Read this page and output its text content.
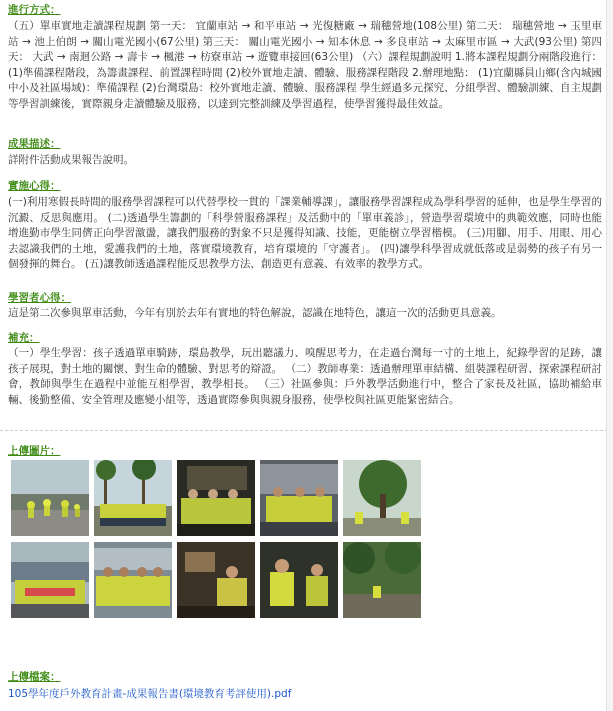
進行方式：
（五）單車實地走讀課程規劃 第一天： 宜蘭車站 → 和平車站 → 光復糖廠 → 瑞穗營地(108公里) 第二天： 瑞穗營地 → 玉里車站 → 池上伯朗 → 關山電光國小(67公里) 第三天： 關山電光國小 → 知本休息 → 多良車站 → 太麻里市區 → 大武(93公里) 第四天： 大武 → 南迴公路 → 壽卡 → 楓港 → 枋寮車站 → 遊覽車接回(63公里) （六）課程規劃說明 1.將本課程規劃分兩階段進行： (1)準備課程階段，為籌畫課程、前置課程時間 (2)校外實地走讀、體驗、服務課程階段 2.辦理地點： (1)宜蘭縣員山鄉(含內城國中小及社區場域)：準備課程 (2)台灣環島：校外實地走讀、體驗、服務課程 學生經過多元探究、分組學習、體驗訓練、自主規劃等學習訓練後，實際親身走讀體驗及服務，以達到完整訓練及學習過程，使學習獲得最佳效益。
成果描述：
詳附件活動成果報告說明。
實施心得：
(一)利用寒假長時間的服務學習課程可以代替學校一貫的「課業輔導課」，讓服務學習課程成為學科學習的延伸，也是學生學習的沉澱、反思與應用。 (二)透過學生籌劃的「科學營服務課程」及活動中的「單車義診」，營造學習環境中的典範效應，同時也能增進勤市學生同儕正向學習激盪，讓我們服務的對象不只是獲得知識、技能，更能樹立學習楷模。 (三)用腳、用手、用眼、用心去認識我們的土地，愛護我們的土地，落實環境教育，培育環境的「守護者」。 (四)讓學科學習成就低落或是弱勢的孩子有另一個發揮的舞台。 (五)讓教師透過課程能反思教學方法，創造更有意義、有效率的教學方式。
學習者心得：
這是第二次參與單車活動，今年有別於去年有實地的特色解說，認識在地特色，讓這一次的活動更具意義。
補充：
（一）學生學習：孩子透過單車騎跡，環島教學，玩出聽議力、嗅醒思考力，在走過台灣每一寸的土地上，紀錄學習的足跡，讓孩子展現，對土地的關懷、對生命的體驗、對思考的辯證。 （二）教師專業：透過辦理單車結構、組裝課程研習、探索課程研討會，教師與學生在過程中並能互相學習，教學相長。 （三）社區參與：戶外教學活動進行中，整合了家長及社區，協助補給車輛、後勤整備、安全管理及應變小組等，透過實際參與與親身服務，使學校與社區更能緊密結合。
上傳圖片：
上傳檔案：
105學年度戶外教育計畫-成果報告書(環境教育考評使用).pdf
